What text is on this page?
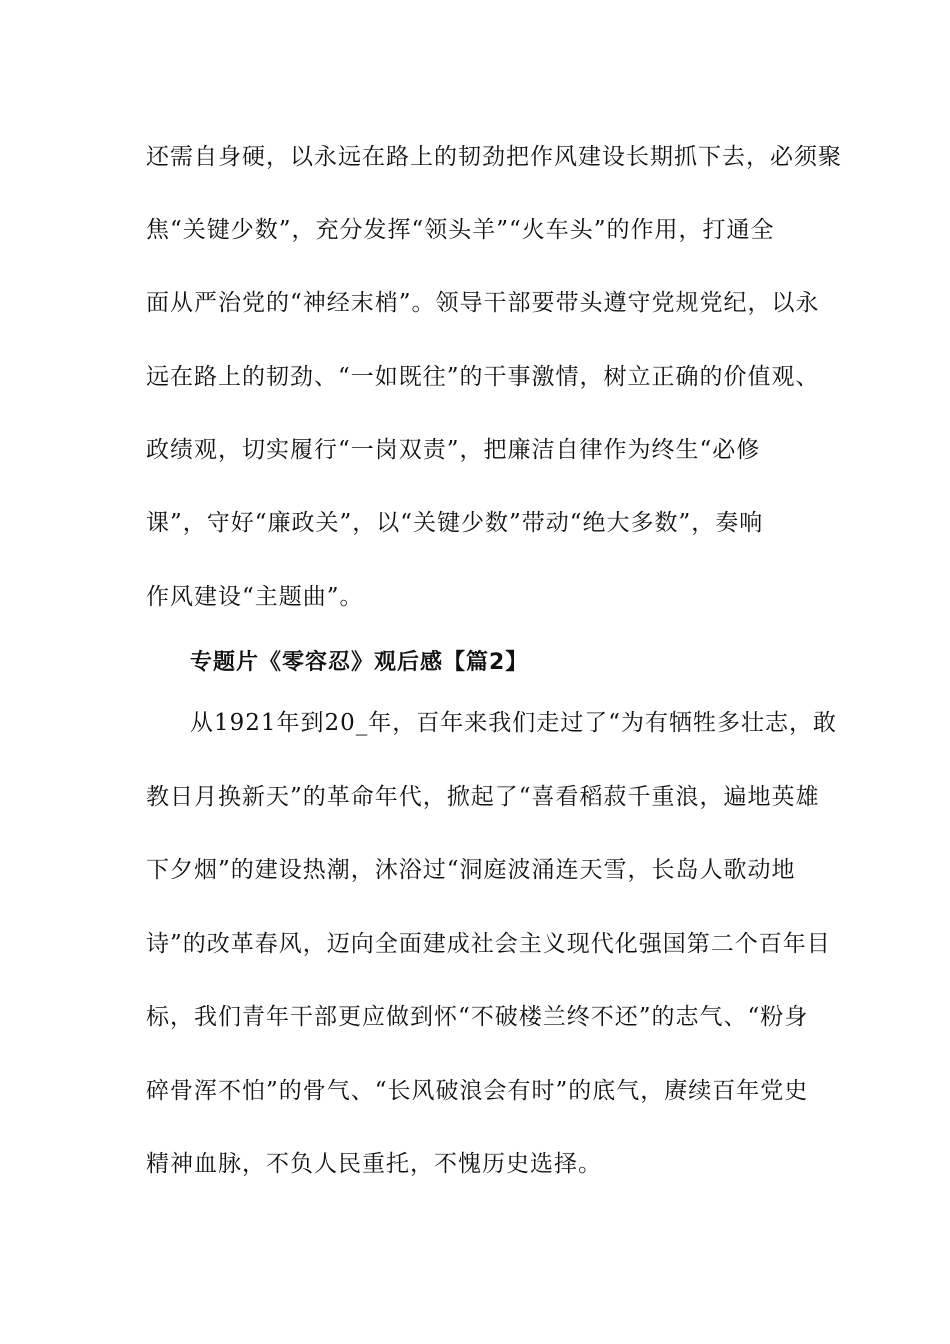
还需自身硬，以永远在路上的韧劲把作风建设长期抓下去，必须聚
焦“关键少数”，充分发挥“领头羊”“火车头”的作用，打通全
面从严治党的“神经末梢”。领导干部要带头遵守党规党纪，以永
远在路上的韧劲、“一如既往”的干事激情，树立正确的价值观、
政绩观，切实履行“一岗双责”，把廉洁自律作为终生“必修
课”，守好“廉政关”，以“关键少数”带动“绝大多数”，奏响
作风建设“主题曲”。
专题片《零容忍》观后感【篇2】
从1921年到20_年，百年来我们走过了“为有牺牲多壮志，敢
教日月换新天”的革命年代，掀起了“喜看稻菽千重浪，遍地英雄
下夕烟”的建设热潮，沐浴过“洞庭波涌连天雪，长岛人歌动地
诗”的改革春风，迈向全面建成社会主义现代化强国第二个百年目
标，我们青年干部更应做到怀“不破楼兰终不还”的志气、“粉身
碎骨浑不怕”的骨气、“长风破浪会有时”的底气，赓续百年党史
精神血脉，不负人民重托，不愧历史选择。
